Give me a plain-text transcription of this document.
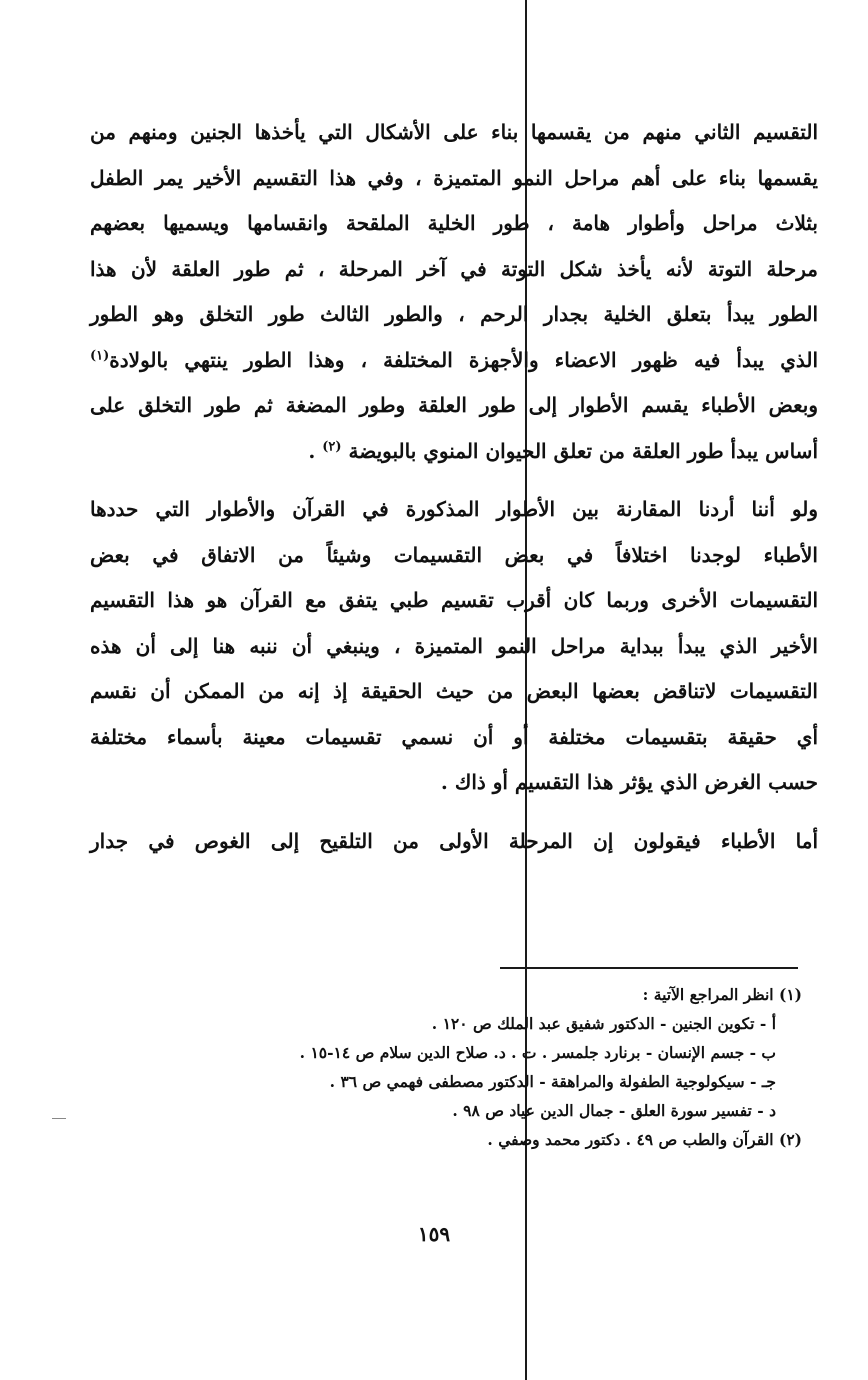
التقسيم الثاني منهم من يقسمها بناء على الأشكال التي يأخذها الجنين ومنهم من
يقسمها بناء على أهم مراحل النمو المتميزة ، وفي هذا التقسيم الأخير يمر الطفل
بثلاث مراحل وأطوار هامة ، طور الخلية الملقحة وانقسامها ويسميها بعضهم
مرحلة التوتة لأنه يأخذ شكل التوتة في آخر المرحلة ، ثم طور العلقة لأن هذا
الطور يبدأ بتعلق الخلية بجدار الرحم ، والطور الثالث طور التخلق وهو الطور
الذي يبدأ فيه ظهور الاعضاء والأجهزة المختلفة ، وهذا الطور ينتهي بالولادة$^{(١)}$
وبعض الأطباء يقسم الأطوار إلى طور العلقة وطور المضغة ثم طور التخلق على
أساس يبدأ طور العلقة من تعلق الحيوان المنوي بالبويضة $^{(٢)}$ .

ولو أننا أردنا المقارنة بين الأطوار المذكورة في القرآن والأطوار التي حددها
الأطباء لوجدنا اختلافاً في بعض التقسيمات وشيئاً من الاتفاق في بعض
التقسيمات الأخرى وربما كان أقرب تقسيم طبي يتفق مع القرآن هو هذا التقسيم
الأخير الذي يبدأ ببداية مراحل النمو المتميزة ، وينبغي أن ننبه هنا إلى أن هذه
التقسيمات لاتناقض بعضها البعض من حيث الحقيقة إذ إنه من الممكن أن نقسم
أي حقيقة بتقسيمات مختلفة أو أن نسمي تقسيمات معينة بأسماء مختلفة
حسب الغرض الذي يؤثر هذا التقسيم أو ذاك .

أما الأطباء فيقولون إن المرحلة الأولى من التلقيح إلى الغوص في جدار

(١) انظر المراجع الآتية :
أ - تكوين الجنين - الدكتور شفيق عبد الملك ص ١٢٠ .
ب - جسم الإنسان - برنارد جلمسر . ت . د. صلاح الدين سلام ص ١٤-١٥ .
جـ - سيكولوجية الطفولة والمراهقة - الدكتور مصطفى فهمي ص ٣٦ .
د - تفسير سورة العلق - جمال الدين عياد ص ٩٨ .
(٢) القرآن والطب ص ٤٩ . دكتور محمد وصفي .
١٥٩
